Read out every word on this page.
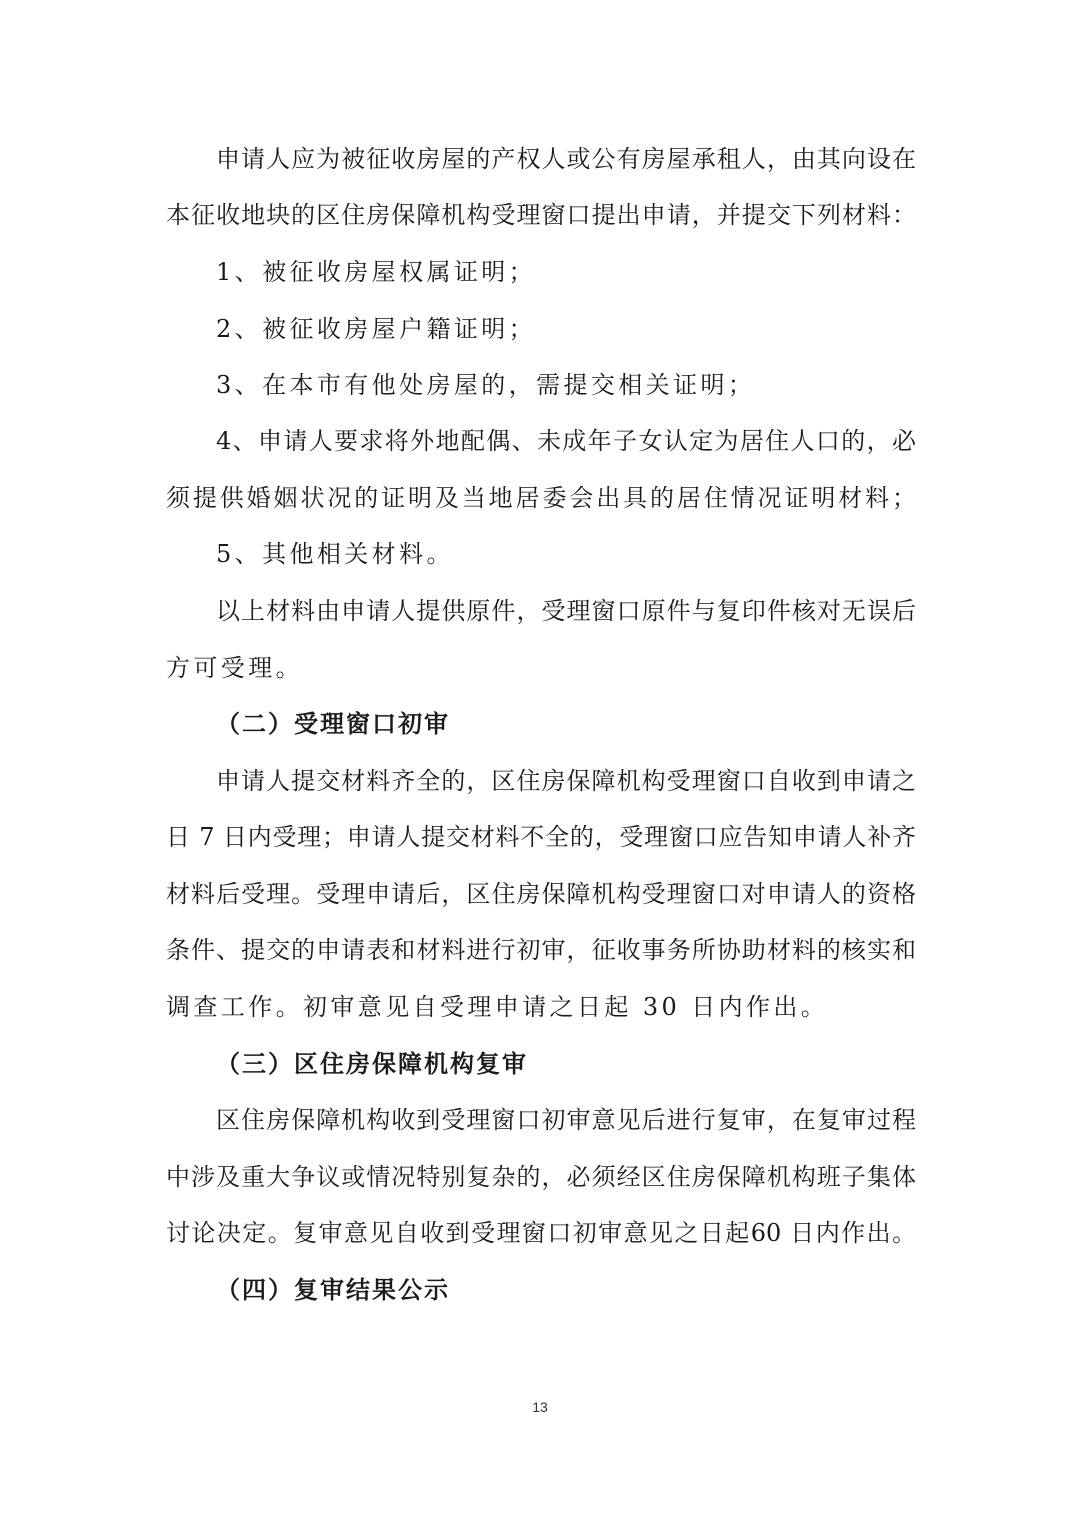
申请人应为被征收房屋的产权人或公有房屋承租人，由其向设在

本征收地块的区住房保障机构受理窗口提出申请，并提交下列材料：

1、被征收房屋权属证明；

2、被征收房屋户籍证明；

3、在本市有他处房屋的，需提交相关证明；

4、申请人要求将外地配偶、未成年子女认定为居住人口的，必

须提供婚姻状况的证明及当地居委会出具的居住情况证明材料；

5、其他相关材料。

以上材料由申请人提供原件，受理窗口原件与复印件核对无误后

方可受理。

（二）受理窗口初审

申请人提交材料齐全的，区住房保障机构受理窗口自收到申请之

日 7 日内受理；申请人提交材料不全的，受理窗口应告知申请人补齐

材料后受理。受理申请后，区住房保障机构受理窗口对申请人的资格

条件、提交的申请表和材料进行初审，征收事务所协助材料的核实和

调查工作。初审意见自受理申请之日起 30 日内作出。

（三）区住房保障机构复审

区住房保障机构收到受理窗口初审意见后进行复审，在复审过程

中涉及重大争议或情况特别复杂的，必须经区住房保障机构班子集体

讨论决定。复审意见自收到受理窗口初审意见之日起60 日内作出。

（四）复审结果公示
13
